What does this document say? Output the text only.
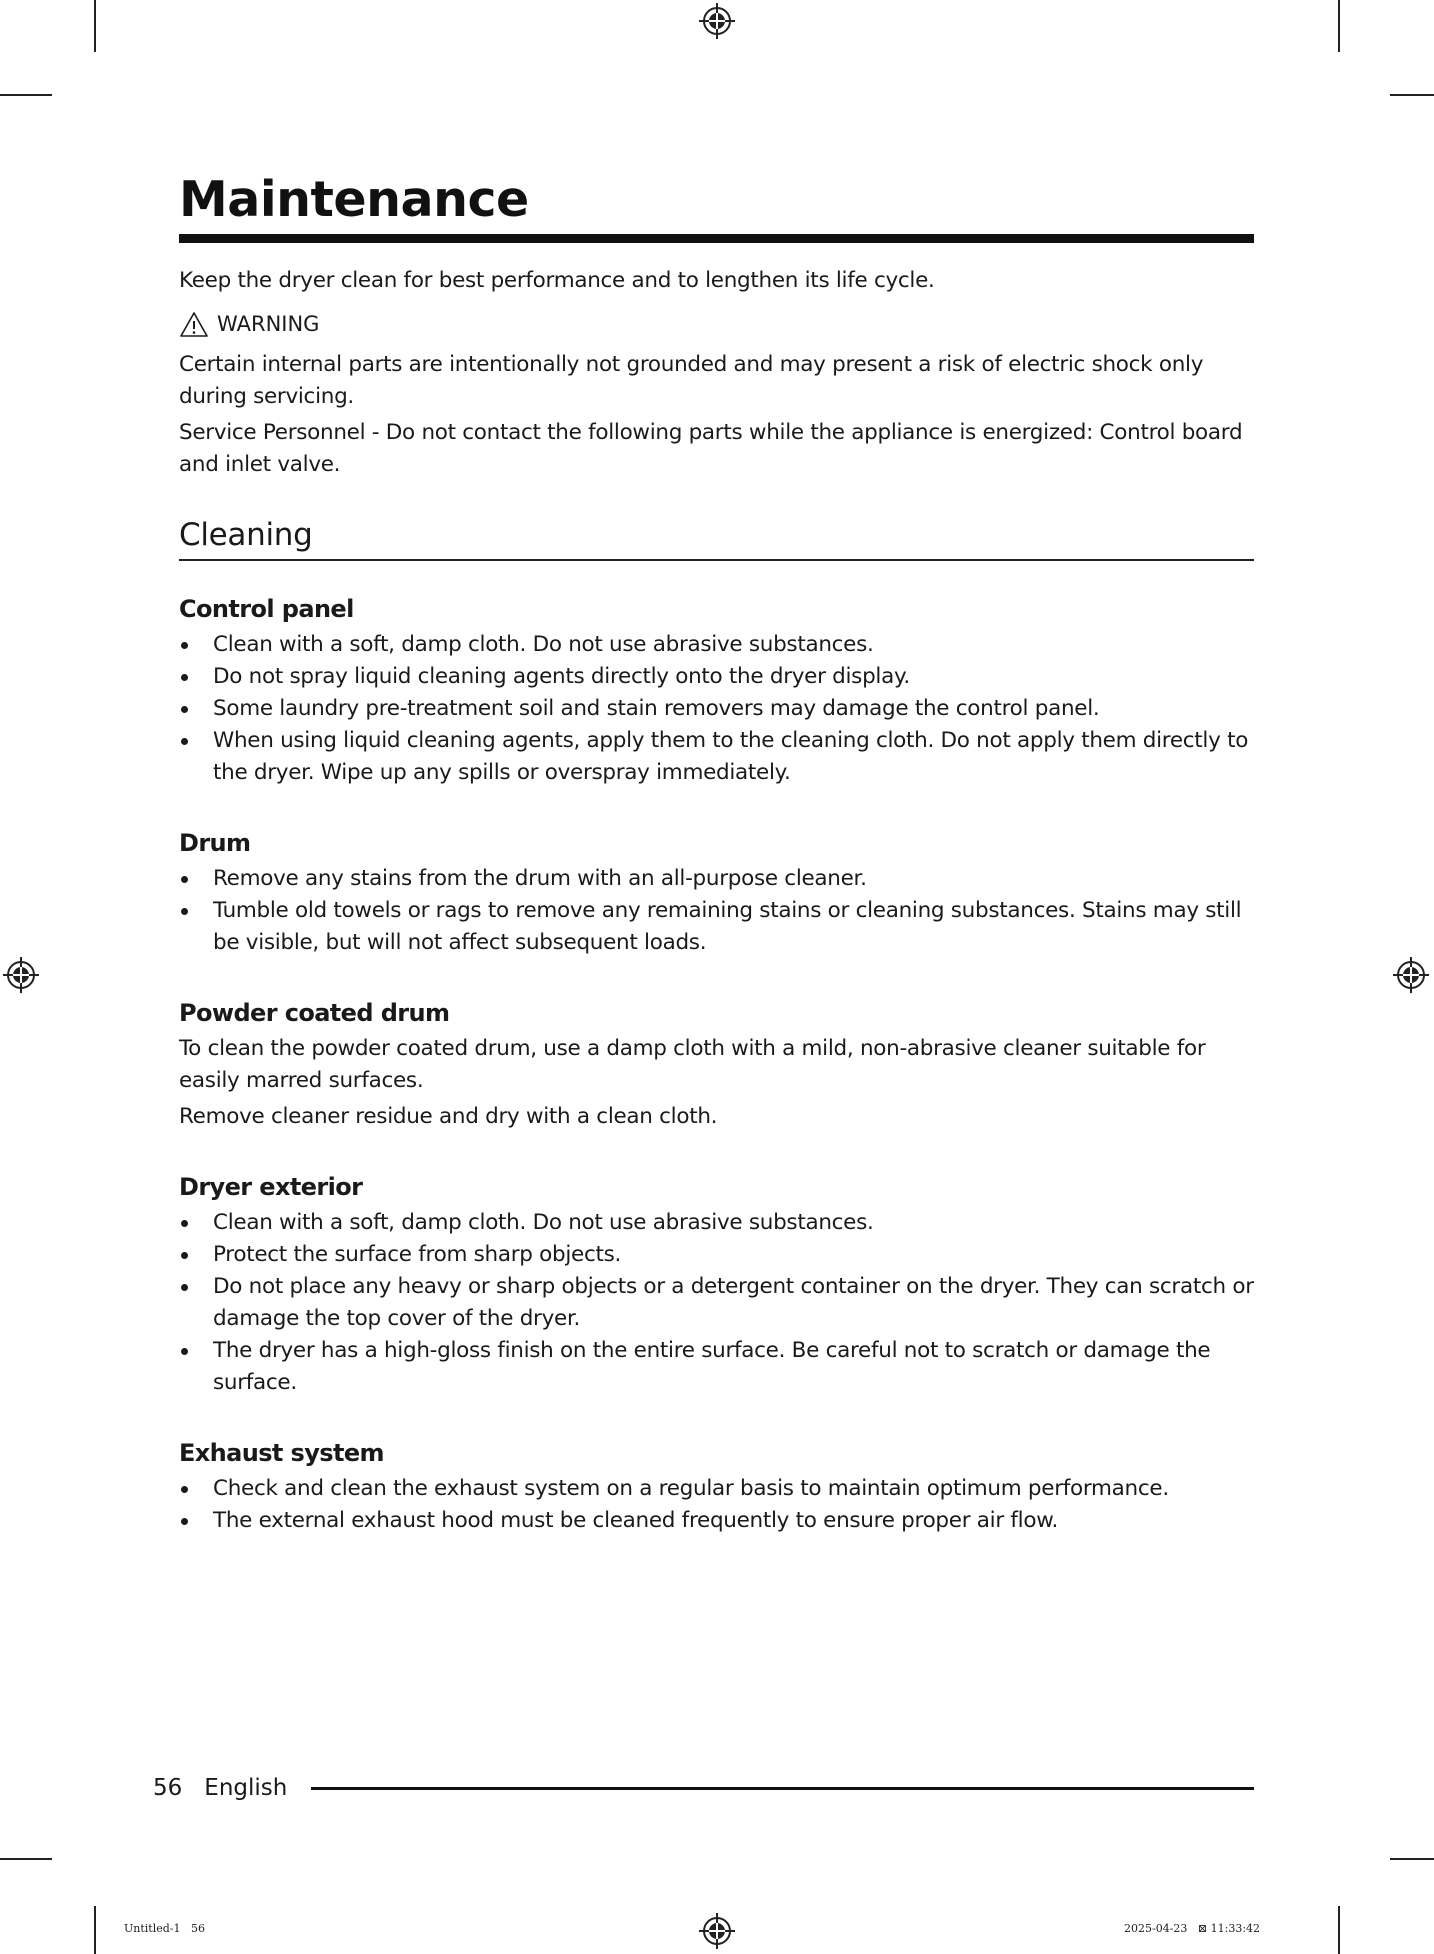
Maintenance

Keep the dryer clean for best performance and to lengthen its life cycle.

WARNING

Certain internal parts are intentionally not grounded and may present a risk of electric shock only during servicing.

Service Personnel - Do not contact the following parts while the appliance is energized: Control board and inlet valve.

Cleaning
Control panel
Clean with a soft, damp cloth. Do not use abrasive substances.
Do not spray liquid cleaning agents directly onto the dryer display.
Some laundry pre-treatment soil and stain removers may damage the control panel.
When using liquid cleaning agents, apply them to the cleaning cloth. Do not apply them directly to the dryer. Wipe up any spills or overspray immediately.
Drum
Remove any stains from the drum with an all-purpose cleaner.
Tumble old towels or rags to remove any remaining stains or cleaning substances. Stains may still be visible, but will not affect subsequent loads.
Powder coated drum

To clean the powder coated drum, use a damp cloth with a mild, non-abrasive cleaner suitable for easily marred surfaces.

Remove cleaner residue and dry with a clean cloth.

Dryer exterior
Clean with a soft, damp cloth. Do not use abrasive substances.
Protect the surface from sharp objects.
Do not place any heavy or sharp objects or a detergent container on the dryer. They can scratch or damage the top cover of the dryer.
The dryer has a high-gloss finish on the entire surface. Be careful not to scratch or damage the surface.
Exhaust system
Check and clean the exhaust system on a regular basis to maintain optimum performance.
The external exhaust hood must be cleaned frequently to ensure proper air flow.
56 English
Untitled-1   56	2025-04-23   ⊠ 11:33:42
